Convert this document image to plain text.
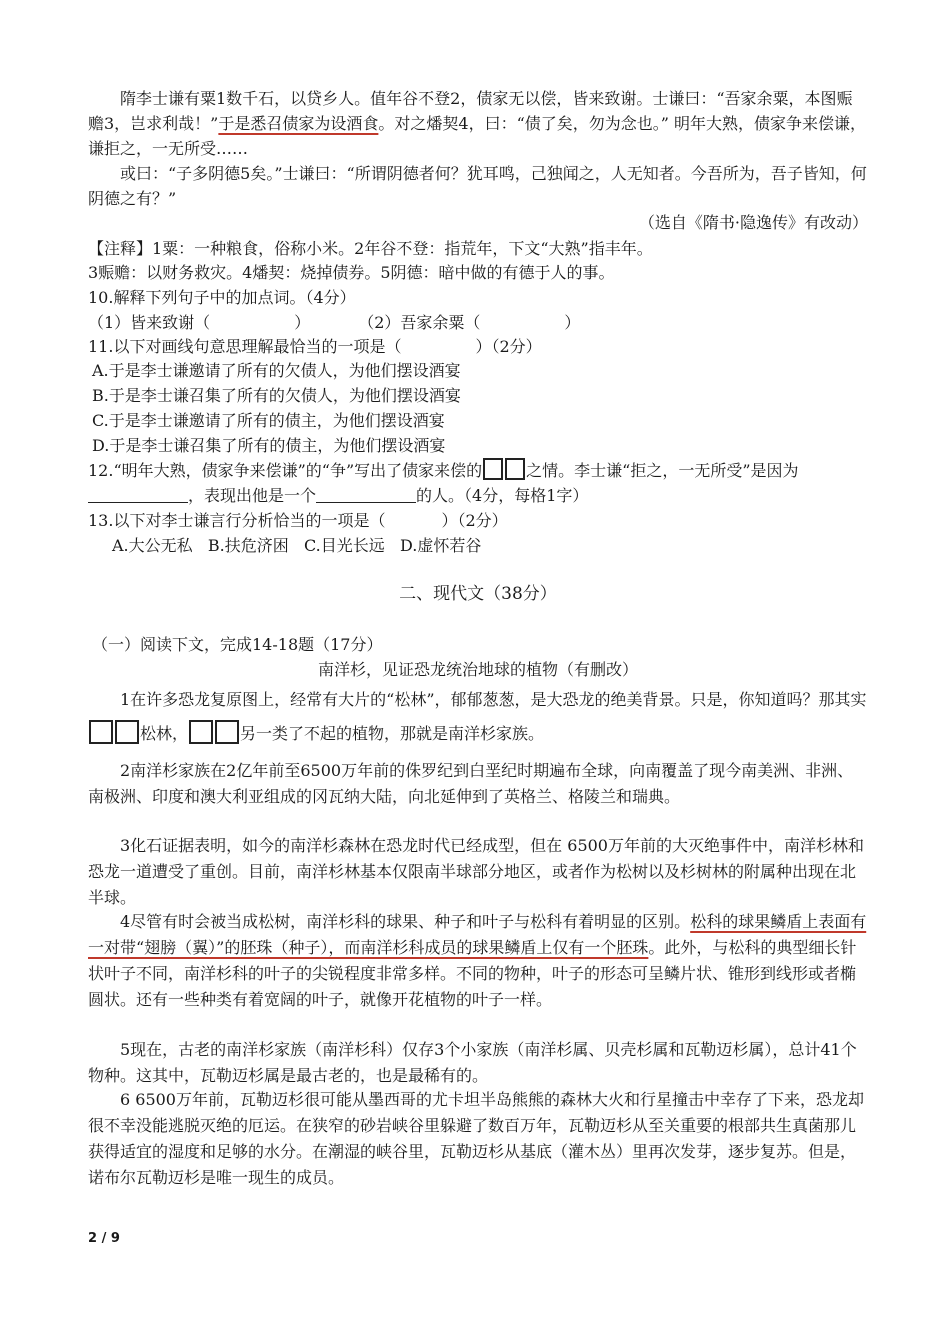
隋李士谦有粟1数千石，以贷乡人。值年谷不登2，债家无以偿，皆来致谢。士谦曰：“吾家余粟，本图赈赡3，岂求利哉！”于是悉召债家为设酒食。对之燔契4，曰：“债了矣，勿为念也。” 明年大熟，债家争来偿谦，谦拒之，一无所受……

或曰：“子多阴德5矣。”士谦曰：“所谓阴德者何？犹耳鸣，己独闻之，人无知者。今吾所为，吾子皆知，何阴德之有？”

（选自《隋书·隐逸传》有改动）

【注释】1粟：一种粮食，俗称小米。2年谷不登：指荒年，下文“大熟”指丰年。

3赈赡：以财务救灾。4燔契：烧掉债券。5阴德：暗中做的有德于人的事。

10.解释下列句子中的加点词。（4分）

（1）皆来致谢（	）	（2）吾家余粟（	）

11.以下对画线句意思理解最恰当的一项是（	）（2分）

A.于是李士谦邀请了所有的欠债人，为他们摆设酒宴

B.于是李士谦召集了所有的欠债人，为他们摆设酒宴

C.于是李士谦邀请了所有的债主，为他们摆设酒宴

D.于是李士谦召集了所有的债主，为他们摆设酒宴

12.“明年大熟，债家争来偿谦”的“争”写出了债家来偿的	之情。李士谦“拒之，一无所受”是因为，表现出他是一个	的人。（4分，每格1字）

13.以下对李士谦言行分析恰当的一项是（	）（2分）

A.大公无私   B.扶危济困   C.目光长远   D.虚怀若谷

二、现代文（38分）

（一）阅读下文，完成14-18题（17分）

南洋杉，见证恐龙统治地球的植物（有删改）

1在许多恐龙复原图上，经常有大片的“松林”，郁郁葱葱，是大恐龙的绝美背景。只是，你知道吗？那其实松林，	另一类了不起的植物，那就是南洋杉家族。

2南洋杉家族在2亿年前至6500万年前的侏罗纪到白垩纪时期遍布全球，向南覆盖了现今南美洲、非洲、南极洲、印度和澳大利亚组成的冈瓦纳大陆，向北延伸到了英格兰、格陵兰和瑞典。

3化石证据表明，如今的南洋杉森林在恐龙时代已经成型，但在 6500万年前的大灭绝事件中，南洋杉林和恐龙一道遭受了重创。目前，南洋杉林基本仅限南半球部分地区，或者作为松树以及杉树林的附属种出现在北半球。

4尽管有时会被当成松树，南洋杉科的球果、种子和叶子与松科有着明显的区别。松科的球果鳞盾上表面有一对带“翅膀（翼）”的胚珠（种子），而南洋杉科成员的球果鳞盾上仅有一个胚珠。此外，与松科的典型细长针状叶子不同，南洋杉科的叶子的尖锐程度非常多样。不同的物种，叶子的形态可呈鳞片状、锥形到线形或者椭圆状。还有一些种类有着宽阔的叶子，就像开花植物的叶子一样。

5现在，古老的南洋杉家族（南洋杉科）仅存3个小家族（南洋杉属、贝壳杉属和瓦勒迈杉属），总计41个物种。这其中，瓦勒迈杉属是最古老的，也是最稀有的。

6 6500万年前，瓦勒迈杉很可能从墨西哥的尤卡坦半岛熊熊的森林大火和行星撞击中幸存了下来，恐龙却很不幸没能逃脱灭绝的厄运。在狭窄的砂岩峡谷里躲避了数百万年，瓦勒迈杉从至关重要的根部共生真菌那儿获得适宜的湿度和足够的水分。在潮湿的峡谷里，瓦勒迈杉从基底（灌木丛）里再次发芽，逐步复苏。但是，诺布尔瓦勒迈杉是唯一现生的成员。

2 / 9
